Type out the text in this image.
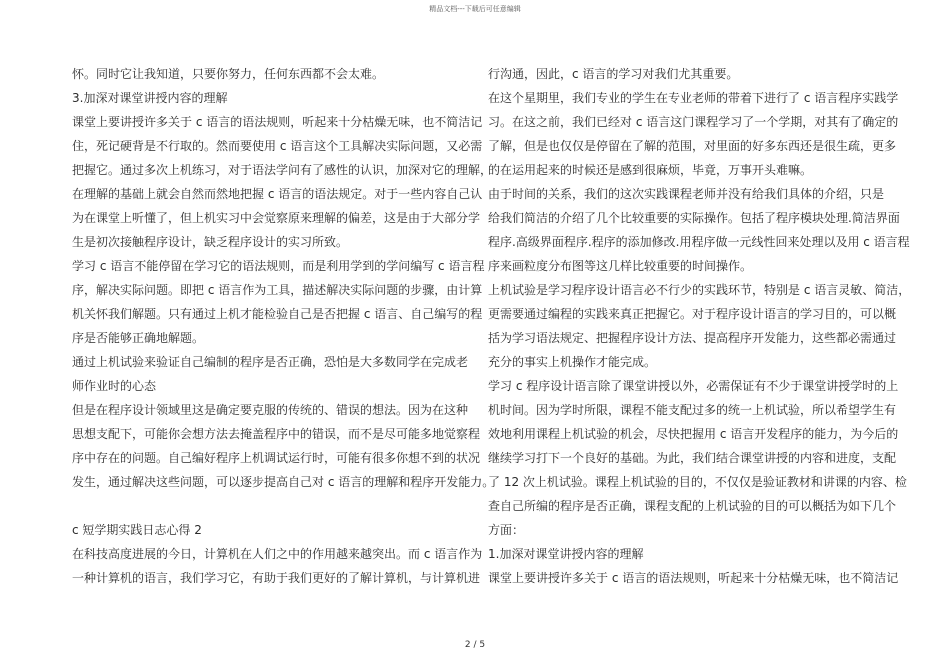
精品文档---下载后可任意编辑
怀。同时它让我知道，只要你努力，任何东西都不会太难。
3.加深对课堂讲授内容的理解
课堂上要讲授许多关于 c 语言的语法规则，听起来十分枯燥无味，也不简洁记
住，死记硬背是不行取的。然而要使用 c 语言这个工具解决实际问题，又必需
把握它。通过多次上机练习，对于语法学问有了感性的认识，加深对它的理解，
在理解的基础上就会自然而然地把握 c 语言的语法规定。对于一些内容自己认
为在课堂上听懂了，但上机实习中会觉察原来理解的偏差，这是由于大部分学
生是初次接触程序设计，缺乏程序设计的实习所致。
学习 c 语言不能停留在学习它的语法规则，而是利用学到的学问编写 c 语言程
序，解决实际问题。即把 c 语言作为工具，描述解决实际问题的步骤，由计算
机关怀我们解题。只有通过上机才能检验自己是否把握 c 语言、自己编写的程
序是否能够正确地解题。
通过上机试验来验证自己编制的程序是否正确，恐怕是大多数同学在完成老
师作业时的心态
但是在程序设计领域里这是确定要克服的传统的、错误的想法。因为在这种
思想支配下，可能你会想方法去掩盖程序中的错误，而不是尽可能多地觉察程
序中存在的问题。自己编好程序上机调试运行时，可能有很多你想不到的状况
发生，通过解决这些问题，可以逐步提高自己对 c 语言的理解和程序开发能力。
c 短学期实践日志心得 2
在科技高度进展的今日，计算机在人们之中的作用越来越突出。而 c 语言作为
一种计算机的语言，我们学习它，有助于我们更好的了解计算机，与计算机进
行沟通，因此，c 语言的学习对我们尤其重要。
在这个星期里，我们专业的学生在专业老师的带着下进行了 c 语言程序实践学
习。在这之前，我们已经对 c 语言这门课程学习了一个学期，对其有了确定的
了解，但是也仅仅是停留在了解的范围，对里面的好多东西还是很生疏，更多
的在运用起来的时候还是感到很麻烦，毕竟，万事开头难嘛。
由于时间的关系，我们的这次实践课程老师并没有给我们具体的介绍，只是
给我们简洁的介绍了几个比较重要的实际操作。包括了程序模块处理.简洁界面
程序.高级界面程序.程序的添加修改.用程序做一元线性回来处理以及用 c 语言程
序来画粒度分布图等这几样比较重要的时间操作。
上机试验是学习程序设计语言必不行少的实践环节，特别是 c 语言灵敏、简洁，
更需要通过编程的实践来真正把握它。对于程序设计语言的学习目的，可以概
括为学习语法规定、把握程序设计方法、提高程序开发能力，这些都必需通过
充分的事实上机操作才能完成。
学习 c 程序设计语言除了课堂讲授以外，必需保证有不少于课堂讲授学时的上
机时间。因为学时所限，课程不能支配过多的统一上机试验，所以希望学生有
效地利用课程上机试验的机会，尽快把握用 c 语言开发程序的能力，为今后的
继续学习打下一个良好的基础。为此，我们结合课堂讲授的内容和进度，支配
了 12 次上机试验。课程上机试验的目的，不仅仅是验证教材和讲课的内容、检
查自己所编的程序是否正确，课程支配的上机试验的目的可以概括为如下几个
方面：
1.加深对课堂讲授内容的理解
课堂上要讲授许多关于 c 语言的语法规则，听起来十分枯燥无味，也不简洁记
2 / 5
